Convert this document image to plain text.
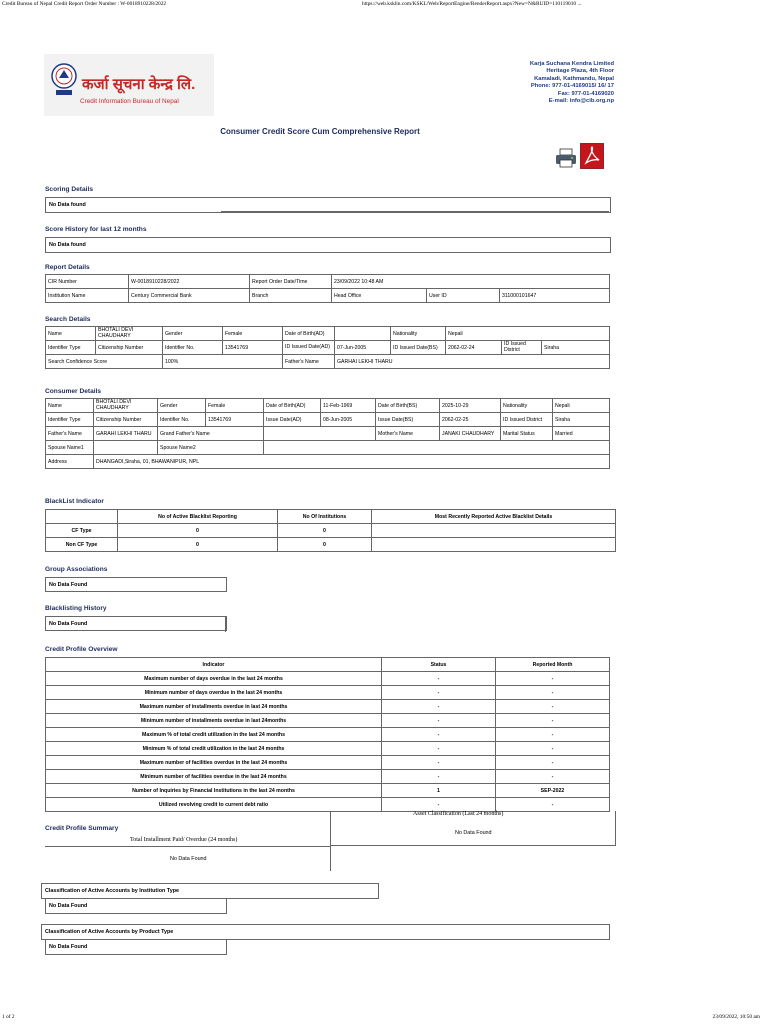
Credit Bureau of Nepal Credit Report Order Number : W-0018910228/2022	https://web.ksklin.com/KSKL/Web/ReportEngine/RenderReport.aspx?New=N&RUID=110119010 ...
कर्जा सूचना केन्द्र लि.
Credit Information Bureau of Nepal
Karja Suchana Kendra Limited
Heritage Plaza, 4th Floor
Kamaladi, Kathmandu, Nepal
Phone: 977-01-4169015/ 16/ 17
Fax: 977-01-4169020
E-mail: info@cib.org.np
Consumer Credit Score Cum Comprehensive Report
Scoring Details
No Data found
Score History for last 12 months
No Data found
Report Details
CIR Number	W-0018910228/2022	Report Order Date/Time	23/09/2022 10:48 AM		
Institution Name	Century Commercial Bank	Branch	Head Office	User ID	311000101647
Search Details
Name	BHOTALI DEVI CHAUDHARY	Gender	Female	Date of Birth(AD)		Nationality	Nepali		
Identifier Type	Citizenship Number	Identifier No.	13541769	ID Issued Date(AD)	07-Jun-2005	ID Issued Date(BS)	2062-02-24	ID Issued District	Siraha
Search Confidence Score		100%		Father's Name	GARHAI LEKHI THARU				
Consumer Details
Name	BHOTALI DEVI CHAUDHARY	Gender	Female	Date of Birth(AD)	11-Feb-1969	Date of Birth(BS)	2025-10-29	Nationality	Nepali
Identifier Type	Citizenship Number	Identifier No.	13541769	Issue Date(AD)	08-Jun-2005	Issue Date(BS)	2062-02-25	ID Issued District	Siraha
Father's Name	GARAHI LEKHI THARU	Grand Father's Name				Mother's Name	JANAKI CHAUDHARY	Marital Status	Married
Spouse Name1		Spouse Name2							
Address	DHANGADI,Siraha, 01, BHAWANIPUR, NPL								
BlackList Indicator
	No of Active Blacklist Reporting	No Of Institutions	Most Recently Reported Active Blacklist Details
CF Type	0	0	
Non CF Type	0	0	
Group Associations
No Data Found
Blacklisting History
No Data Found
Credit Profile Overview
Indicator	Status	Reported Month
Maximum number of days overdue in the last 24 months	-	-
Minimum number of days overdue in the last 24 months	-	-
Maximum number of installments overdue in last 24 months	-	-
Minimum number of installments overdue in last 24months	-	-
Maximum % of total credit utilization in the last 24 months	-	-
Minimum % of total credit utilization in the last 24 months	-	-
Maximum number of facilities overdue in the last 24 months	-	-
Minimum number of facilities overdue in the last 24 months	-	-
Number of Inquiries by Financial Institutions in the last 24 months	1	SEP-2022
Utilized revolving credit to current debt ratio	-	-
Credit Profile Summary
Total Installment Paid/ Overdue (24 months)
No Data Found
Asset Classification (Last 24 months)
No Data Found
Classification of Active Accounts by Institution Type
No Data Found
Classification of Active Accounts by Product Type
No Data Found
1 of 2	23/09/2022, 10:50 am
